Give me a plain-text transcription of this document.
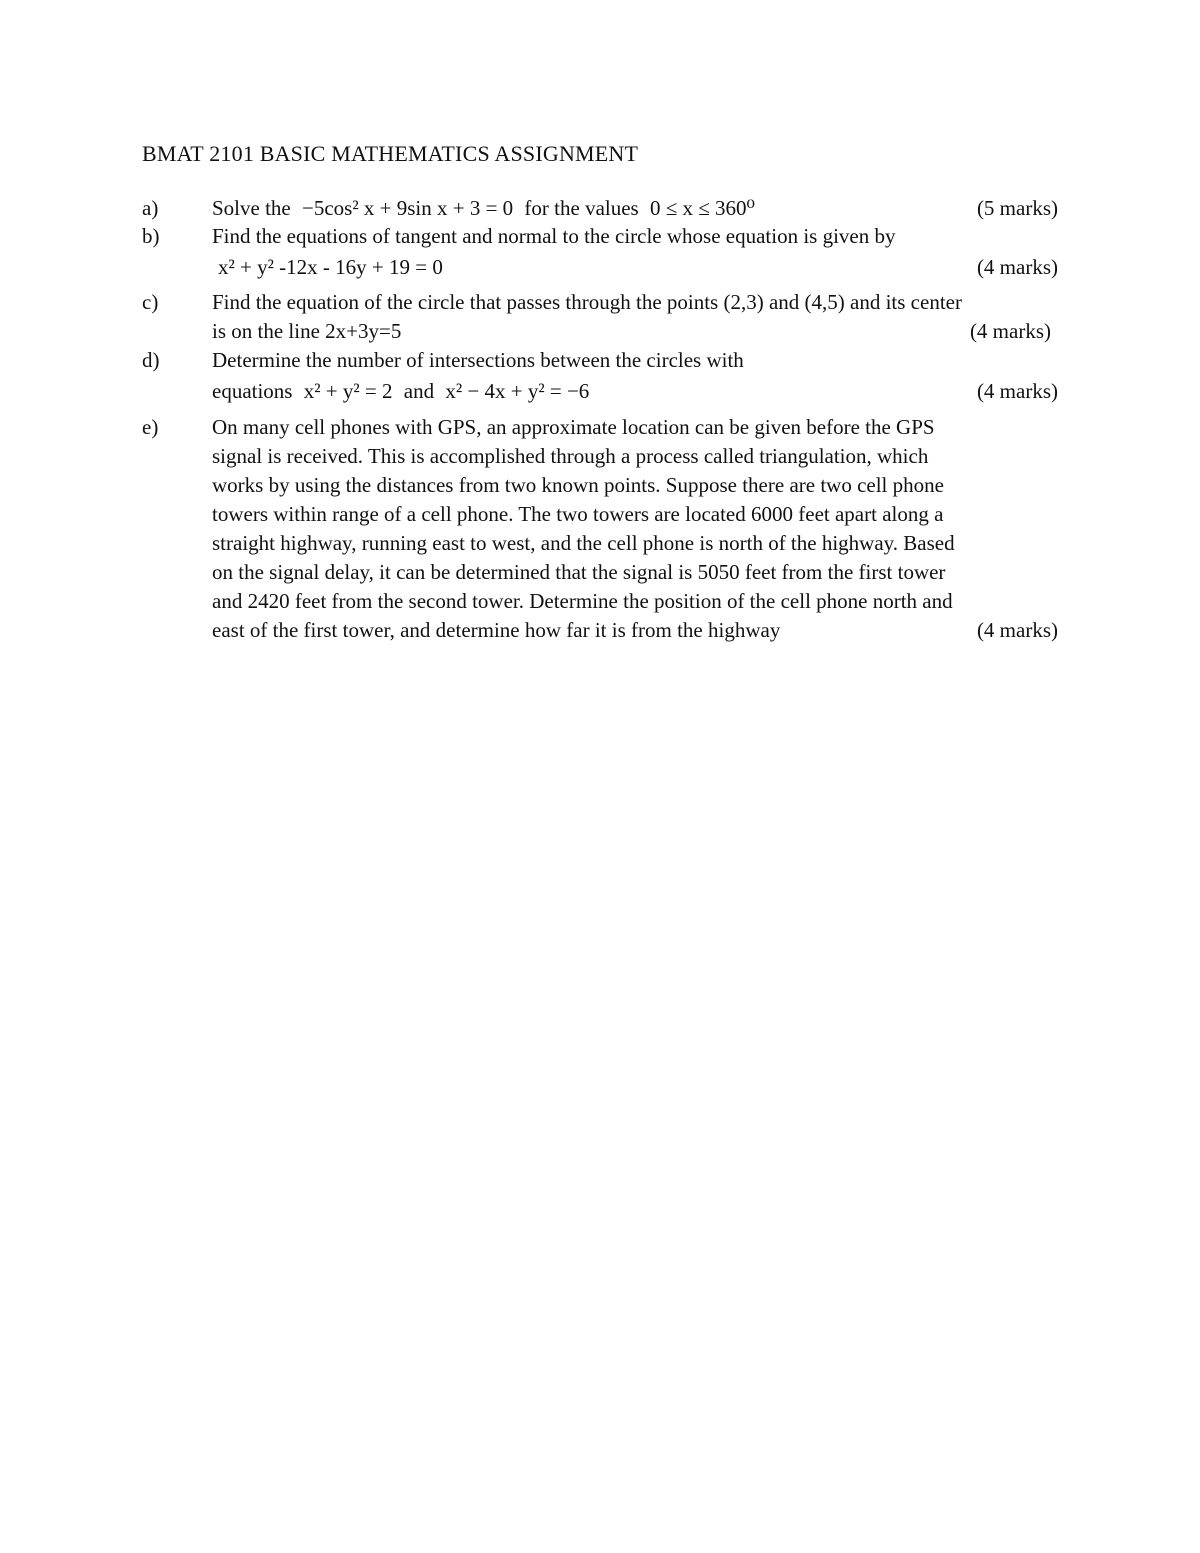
BMAT 2101 BASIC MATHEMATICS ASSIGNMENT
a)	Solve the −5cos² x + 9sin x + 3 = 0 for the values 0 ≤ x ≤ 360⁰	(5 marks)
b)	Find the equations of tangent and normal to the circle whose equation is given by
x² + y² -12x - 16y + 19 = 0	(4 marks)
c)	Find the equation of the circle that passes through the points (2,3) and (4,5) and its center
is on the line 2x+3y=5	(4 marks)
d)	Determine the number of intersections between the circles with
equations x² + y² = 2 and x² − 4x + y² = −6	(4 marks)
e)	On many cell phones with GPS, an approximate location can be given before the GPS
signal is received. This is accomplished through a process called triangulation, which
works by using the distances from two known points. Suppose there are two cell phone
towers within range of a cell phone. The two towers are located 6000 feet apart along a
straight highway, running east to west, and the cell phone is north of the highway. Based
on the signal delay, it can be determined that the signal is 5050 feet from the first tower
and 2420 feet from the second tower. Determine the position of the cell phone north and
east of the first tower, and determine how far it is from the highway	(4 marks)
